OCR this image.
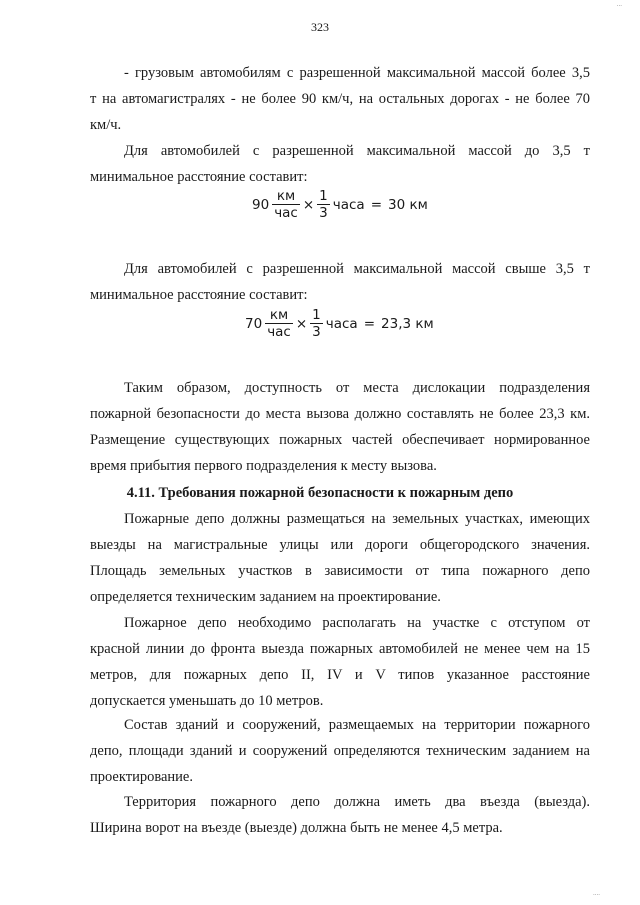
323
...
- грузовым автомобилям с разрешенной максимальной массой более 3,5
т на автомагистралях - не более 90 км/ч, на остальных дорогах - не более 70
км/ч.
Для автомобилей с разрешенной максимальной массой до 3,5 т
минимальное расстояние составит:
$90 \frac{км}{\text{час}} \times \frac{1}{3}$ часа = 30 км
Для автомобилей с разрешенной максимальной массой свыше 3,5 т
минимальное расстояние составит:
$70 \frac{км}{\text{час}} \times \frac{1}{3}$ часа = 23,3 км
Таким образом, доступность от места дислокации подразделения
пожарной безопасности до места вызова должно составлять не более 23,3 км.
Размещение существующих пожарных частей обеспечивает нормированное
время прибытия первого подразделения к месту вызова.
4.11. Требования пожарной безопасности к пожарным депо
Пожарные депо должны размещаться на земельных участках, имеющих
выезды на магистральные улицы или дороги общегородского значения.
Площадь земельных участков в зависимости от типа пожарного депо
определяется техническим заданием на проектирование.
Пожарное депо необходимо располагать на участке с отступом от
красной линии до фронта выезда пожарных автомобилей не менее чем на 15
метров, для пожарных депо II, IV и V типов указанное расстояние
допускается уменьшать до 10 метров.
Состав зданий и сооружений, размещаемых на территории пожарного
депо, площади зданий и сооружений определяются техническим заданием на
проектирование.
Территория пожарного депо должна иметь два въезда (выезда).
Ширина ворот на въезде (выезде) должна быть не менее 4,5 метра.
....
